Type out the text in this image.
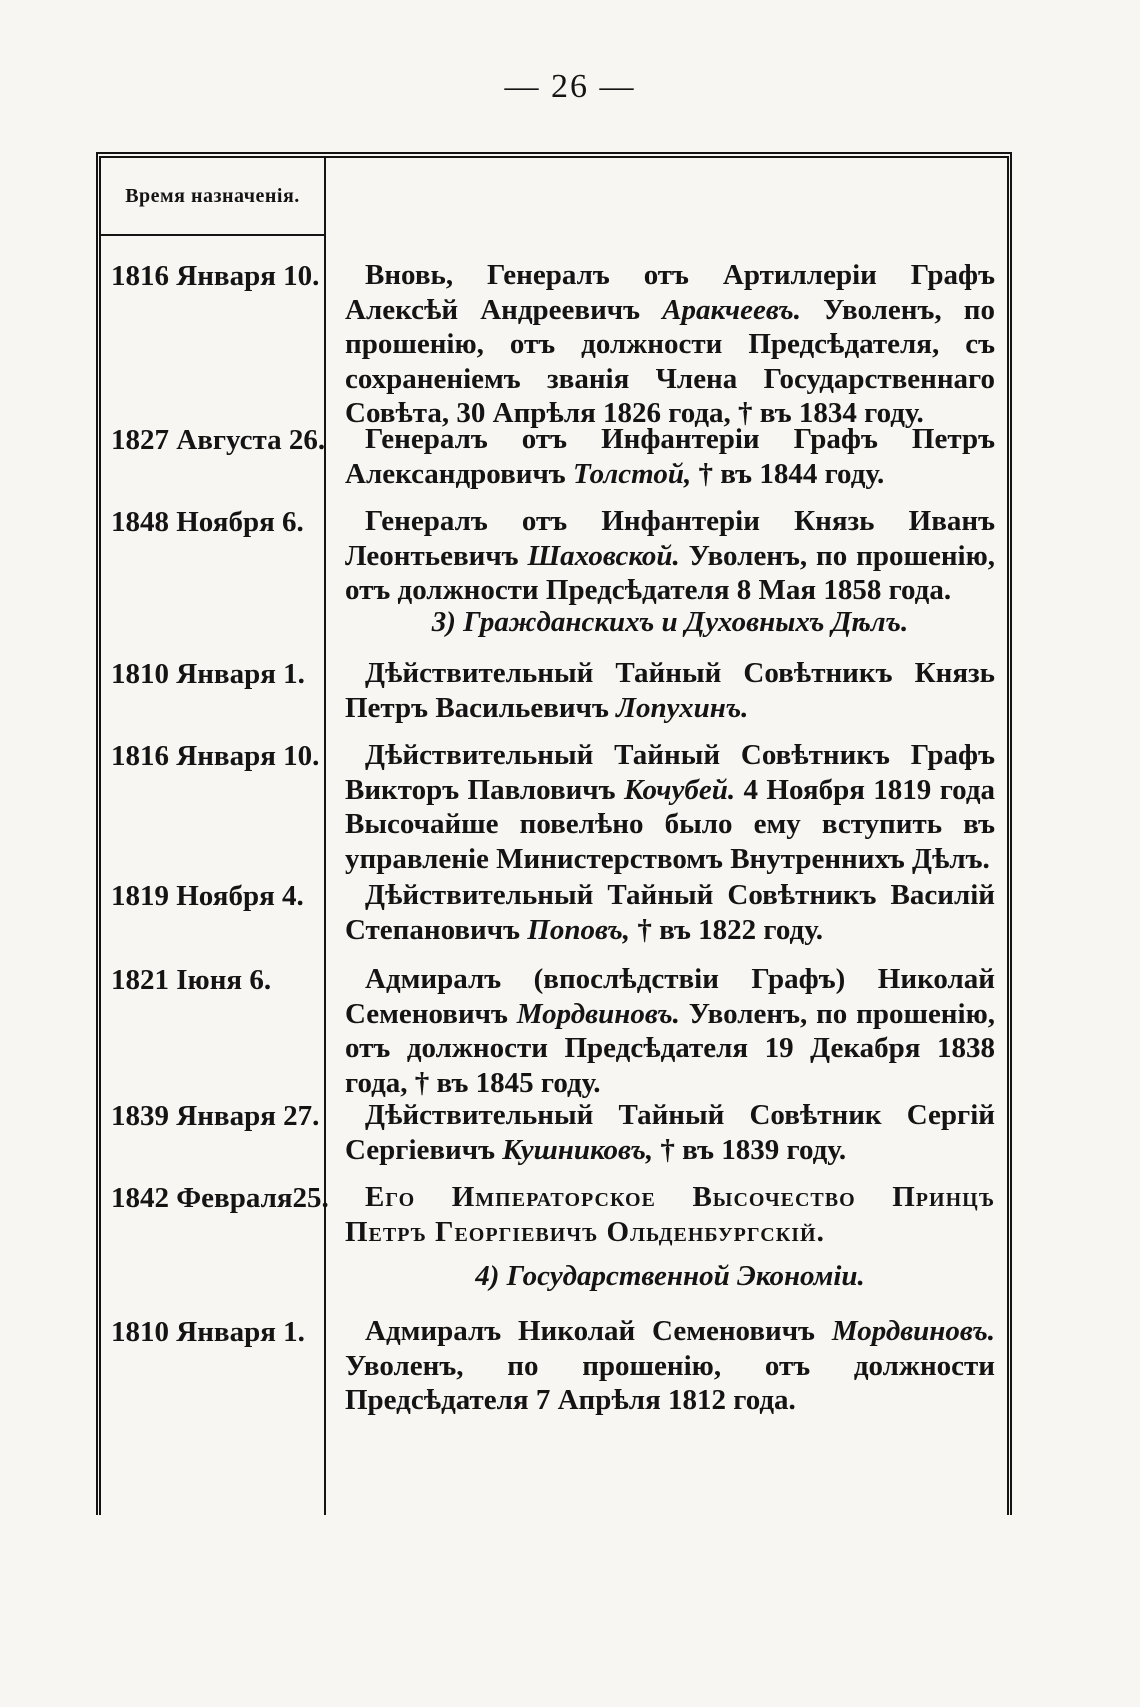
— 26 —
Время назначенія.
1816 Января 10.	Вновь, Генералъ отъ Артиллеріи Графъ Алексѣй Андреевичъ Аракчеевъ. Уволенъ, по прошенію, отъ должности Предсѣдателя, съ сохраненіемъ званія Члена Государственнаго Совѣта, 30 Апрѣля 1826 года, † въ 1834 году.
1827 Августа 26.	Генералъ отъ Инфантеріи Графъ Петръ Александровичъ Толстой, † въ 1844 году.
1848 Ноября 6.	Генералъ отъ Инфантеріи Князь Иванъ Леонтьевичъ Шаховской. Уволенъ, по прошенію, отъ должности Предсѣдателя 8 Мая 1858 года.
3) Гражданскихъ и Духовныхъ Дѣлъ.
1810 Января 1.	Дѣйствительный Тайный Совѣтникъ Князь Петръ Васильевичъ Лопухинъ.
1816 Января 10.	Дѣйствительный Тайный Совѣтникъ Графъ Викторъ Павловичъ Кочубей. 4 Ноября 1819 года Высочайше повелѣно было ему вступить въ управленіе Министерствомъ Внутреннихъ Дѣлъ.
1819 Ноября 4.	Дѣйствительный Тайный Совѣтникъ Василій Степановичъ Поповъ, † въ 1822 году.
1821 Іюня 6.	Адмиралъ (впослѣдствіи Графъ) Николай Семеновичъ Мордвиновъ. Уволенъ, по прошенію, отъ должности Предсѣдателя 19 Декабря 1838 года, † въ 1845 году.
1839 Января 27.	Дѣйствительный Тайный Совѣтник Сергій Сергіевичъ Кушниковъ, † въ 1839 году.
1842 Февраля25.	Его Императорское Высочество Принцъ Петръ Георгіевичъ Ольденбургскій.
4) Государственной Экономіи.
1810 Января 1.	Адмиралъ Николай Семеновичъ Мордвиновъ. Уволенъ, по прошенію, отъ должности Предсѣдателя 7 Апрѣля 1812 года.
